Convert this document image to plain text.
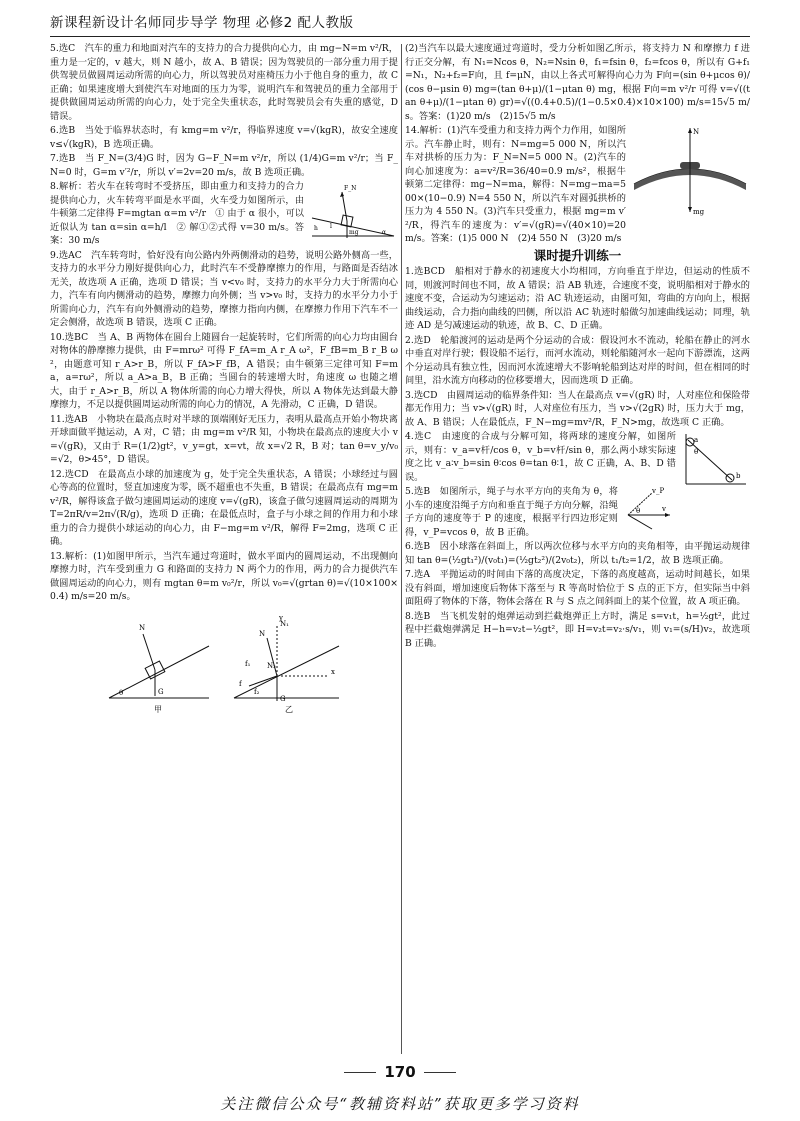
新课程新设计名师同步导学 物理 必修2 配人教版
5.选C　汽车的重力和地面对汽车的支持力的合力提供向心力，由 mg−N=m v²/R，重力是一定的，v 越大，则 N 越小，故 A、B 错误；因为驾驶员的一部分重力用于提供驾驶员做圆周运动所需的向心力，所以驾驶员对座椅压力小于他自身的重力，故 C 正确；如果速度增大到使汽车对地面的压力为零，说明汽车和驾驶员的重力全部用于提供做圆周运动所需的向心力，处于完全失重状态，此时驾驶员会有失重的感觉，D 错误。
6.选B　当处于临界状态时，有 kmg=m v²/r，得临界速度 v=√(kgR)，故安全速度 v≤√(kgR)，B 选项正确。
7.选B　当 F_N=(3/4)G 时，因为 G−F_N=m v²/r，所以 (1/4)G=m v²/r；当 F_N=0 时，G=m v′²/r，所以 v′=2v=20 m/s，故 B 选项正确。
F_N
mg
l
h
α
8.解析：若火车在转弯时不受挤压，即由重力和支持力的合力提供向心力，火车转弯平面是水平面，火车受力如图所示，由牛顿第二定律得 F=mgtan α=m v²/r　① 由于 α 很小，可以近似认为 tan α=sin α=h/l　② 解①②式得 v=30 m/s。答案：30 m/s
9.选AC　汽车转弯时，恰好没有向公路内外两侧滑动的趋势，说明公路外侧高一些，支持力的水平分力刚好提供向心力，此时汽车不受静摩擦力的作用，与路面是否结冰无关，故选项 A 正确，选项 D 错误；当 v<v₀ 时，支持力的水平分力大于所需向心力，汽车有向内侧滑动的趋势，摩擦力向外侧；当 v>v₀ 时，支持力的水平分力小于所需向心力，汽车有向外侧滑动的趋势，摩擦力指向内侧，在摩擦力作用下汽车不一定会侧滑，故选项 B 错误，选项 C 正确。
10.选BC　当 A、B 两物体在圆台上随圆台一起旋转时，它们所需的向心力均由圆台对物体的静摩擦力提供，由 F=mrω² 可得 F_fA=m_A r_A ω²，F_fB=m_B r_B ω²，由题意可知 r_A>r_B，所以 F_fA>F_fB，A 错误；由牛顿第三定律可知 F=ma，a=rω²，所以 a_A>a_B，B 正确；当圆台的转速增大时，角速度 ω 也随之增大，由于 r_A>r_B，所以 A 物体所需的向心力增大得快，所以 A 物体先达到最大静摩擦力，不足以提供圆周运动所需的向心力的情况，A 先滑动，C 正确，D 错误。
11.选AB　小物块在最高点时对半球的顶端刚好无压力，表明从最高点开始小物块离开球面做平抛运动，A 对，C 错；由 mg=m v²/R 知，小物块在最高点的速度大小 v=√(gR)，又由于 R=(1/2)gt²，v_y=gt，x=vt，故 x=√2 R，B 对；tan θ=v_y/v₀=√2，θ>45°，D 错误。
12.选CD　在最高点小球的加速度为 g，处于完全失重状态，A 错误；小球经过与圆心等高的位置时，竖直加速度为零，既不超重也不失重，B 错误；在最高点有 mg=m v²/R，解得该盒子做匀速圆周运动的速度 v=√(gR)，该盒子做匀速圆周运动的周期为 T=2πR/v=2π√(R/g)，选项 D 正确；在最低点时，盒子与小球之间的作用力和小球重力的合力提供小球运动的向心力，由 F−mg=m v²/R，解得 F=2mg，选项 C 正确。
13.解析：(1)如图甲所示，当汽车通过弯道时，做水平面内的圆周运动，不出现侧向摩擦力时，汽车受到重力 G 和路面的支持力 N 两个力的作用，两力的合力提供汽车做圆周运动的向心力，则有 mgtan θ=m v₀²/r，所以 v₀=√(grtan θ)=√(10×100×0.4) m/s=20 m/s。
N
G
θ
甲
N
N₁
N₂
f₁
f
f₂
G
x
y
乙
(2)当汽车以最大速度通过弯道时，受力分析如图乙所示，将支持力 N 和摩擦力 f 进行正交分解，有 N₁=Ncos θ，N₂=Nsin θ，f₁=fsin θ，f₂=fcos θ，所以有 G+f₁=N₁，N₂+f₂=F向，且 f=μN，由以上各式可解得向心力为 F向=(sin θ+μcos θ)/(cos θ−μsin θ) mg=(tan θ+μ)/(1−μtan θ) mg，根据 F向=m v²/r 可得 v=√((tan θ+μ)/(1−μtan θ) gr)=√((0.4+0.5)/(1−0.5×0.4)×10×100) m/s=15√5 m/s。答案：(1)20 m/s　(2)15√5 m/s
N
mg
14.解析：(1)汽车受重力和支持力两个力作用，如图所示。汽车静止时，则有：N=mg=5 000 N，所以汽车对拱桥的压力为：F_N=N=5 000 N。(2)汽车的向心加速度为：a=v²/R=36/40=0.9 m/s²，根据牛顿第二定律得：mg−N=ma，解得：N=mg−ma=500×(10−0.9) N=4 550 N，所以汽车对圆弧拱桥的压力为 4 550 N。(3)汽车只受重力，根据 mg=m v′²/R，得汽车的速度为：v′=√(gR)=√(40×10)=20 m/s。答案：(1)5 000 N　(2)4 550 N　(3)20 m/s
课时提升训练一
1.选BCD　船相对于静水的初速度大小均相同，方向垂直于岸边，但运动的性质不同，则渡河时间也不同，故 A 错误；沿 AB 轨迹，合速度不变，说明船相对于静水的速度不变，合运动为匀速运动；沿 AC 轨迹运动，由图可知，弯曲的方向向上，根据曲线运动，合力指向曲线的凹侧，所以沿 AC 轨迹时船做匀加速曲线运动；同理，轨迹 AD 是匀减速运动的轨迹，故 B、C、D 正确。
2.选D　轮船渡河的运动是两个分运动的合成：假设河水不流动，轮船在静止的河水中垂直对岸行驶；假设船不运行，而河水流动，则轮船随河水一起向下游漂流，这两个分运动具有独立性，因而河水流速增大不影响轮船到达对岸的时间，但在相同的时间里，沿水流方向移动的位移要增大，因而选项 D 正确。
3.选CD　由圆周运动的临界条件知：当人在最高点 v=√(gR) 时，人对座位和保险带都无作用力；当 v>√(gR) 时，人对座位有压力，当 v>√(2gR) 时，压力大于 mg，故 A、B 错误；人在最低点，F_N−mg=mv²/R，F_N>mg，故选项 C 正确。
a
b
θ
4.选C　由速度的合成与分解可知，将两球的速度分解，如图所示，则有：v_a=v杆/cos θ，v_b=v杆/sin θ，那么两小球实际速度之比 v_a∶v_b=sin θ∶cos θ=tan θ∶1，故 C 正确，A、B、D 错误。
v
v_P
θ
5.选B　如图所示，绳子与水平方向的夹角为 θ，将小车的速度沿绳子方向和垂直于绳子方向分解，沿绳子方向的速度等于 P 的速度，根据平行四边形定则得，v_P=vcos θ，故 B 正确。
6.选B　因小球落在斜面上，所以两次位移与水平方向的夹角相等，由平抛运动规律知 tan θ=(½gt₁²)/(v₀t₁)=(½gt₂²)/(2v₀t₂)，所以 t₁/t₂=1/2，故 B 选项正确。
7.选A　平抛运动的时间由下落的高度决定，下落的高度越高，运动时间越长，如果没有斜面，增加速度后物体下落至与 R 等高时恰位于 S 点的正下方，但实际当中斜面阻碍了物体的下落，物体会落在 R 与 S 点之间斜面上的某个位置，故 A 项正确。
8.选B　当飞机发射的炮弹运动到拦截炮弹正上方时，满足 s=v₁t，h=½gt²，此过程中拦截炮弹满足 H−h=v₂t−½gt²，即 H=v₂t=v₂·s/v₁，则 v₁=(s/H)v₂，故选项 B 正确。
170
关注微信公众号“教辅资料站”获取更多学习资料
